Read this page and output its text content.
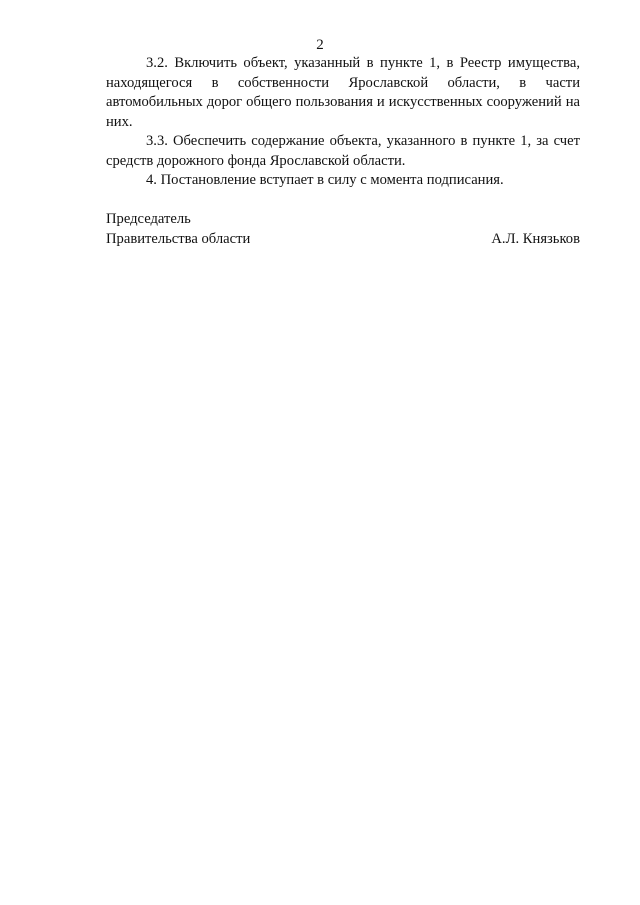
2

3.2. Включить объект, указанный в пункте 1, в Реестр имущества, находящегося в собственности Ярославской области, в части автомобильных дорог общего пользования и искусственных сооружений на них.

3.3. Обеспечить содержание объекта, указанного в пункте 1, за счет средств дорожного фонда Ярославской области.

4. Постановление вступает в силу с момента подписания.

Председатель
Правительства области	А.Л. Князьков
